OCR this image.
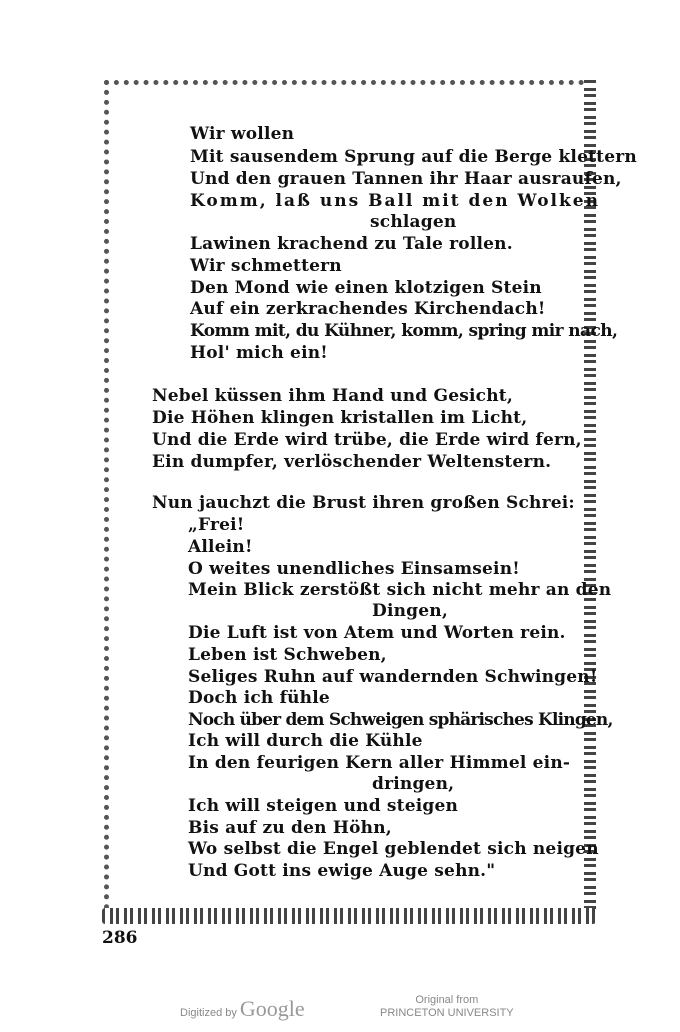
Wir wollen
Mit sausendem Sprung auf die Berge klettern
Und den grauen Tannen ihr Haar ausraufen,
Komm, laß uns Ball mit den Wolken
schlagen
Lawinen krachend zu Tale rollen.
Wir schmettern
Den Mond wie einen klotzigen Stein
Auf ein zerkrachendes Kirchendach!
Komm mit, du Kühner, komm, spring mir nach,
Hol' mich ein!
Nebel küssen ihm Hand und Gesicht,
Die Höhen klingen kristallen im Licht,
Und die Erde wird trübe, die Erde wird fern,
Ein dumpfer, verlöschender Weltenstern.
Nun jauchzt die Brust ihren großen Schrei:
„Frei!
Allein!
O weites unendliches Einsamsein!
Mein Blick zerstößt sich nicht mehr an den
Dingen,
Die Luft ist von Atem und Worten rein.
Leben ist Schweben,
Seliges Ruhn auf wandernden Schwingen!
Doch ich fühle
Noch über dem Schweigen sphärisches Klingen,
Ich will durch die Kühle
In den feurigen Kern aller Himmel ein-
dringen,
Ich will steigen und steigen
Bis auf zu den Höhn,
Wo selbst die Engel geblendet sich neigen
Und Gott ins ewige Auge sehn."
286
Digitized by Google	Original from
PRINCETON UNIVERSITY
